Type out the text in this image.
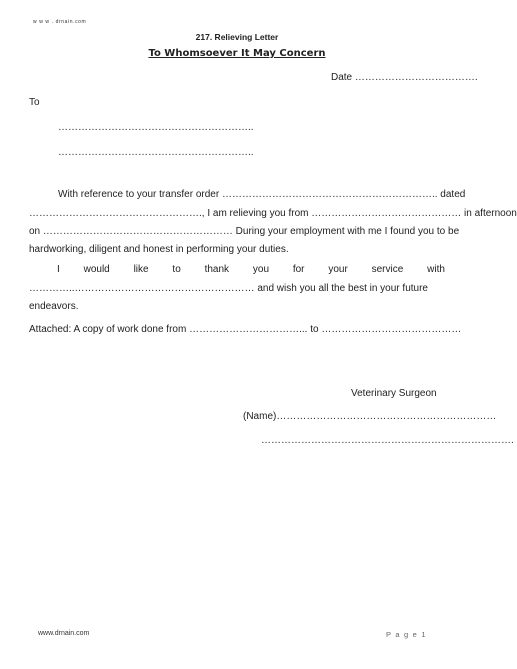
w w w . drnain.com
217. Relieving Letter
To Whomsoever It May Concern
Date ……………………………….
To
…………………………………………………..
…………………………………………………..
With reference to your transfer order ……………………………………………………….. dated
……………………………………………., I am relieving you from ……………………………………… in afternoon
on ………………………………………………… During your employment with me I found you to be
hardworking, diligent and honest in performing your duties.
I would like to thank you for your service with
…………..……………………………………………… and wish you all the best in your future
endeavors.
Attached: A copy of work done from ……………………………... to ……………………………………
Veterinary Surgeon
(Name)…………………………………………………………
………………………………………………………………….
www.drnain.com	P a g e 1
